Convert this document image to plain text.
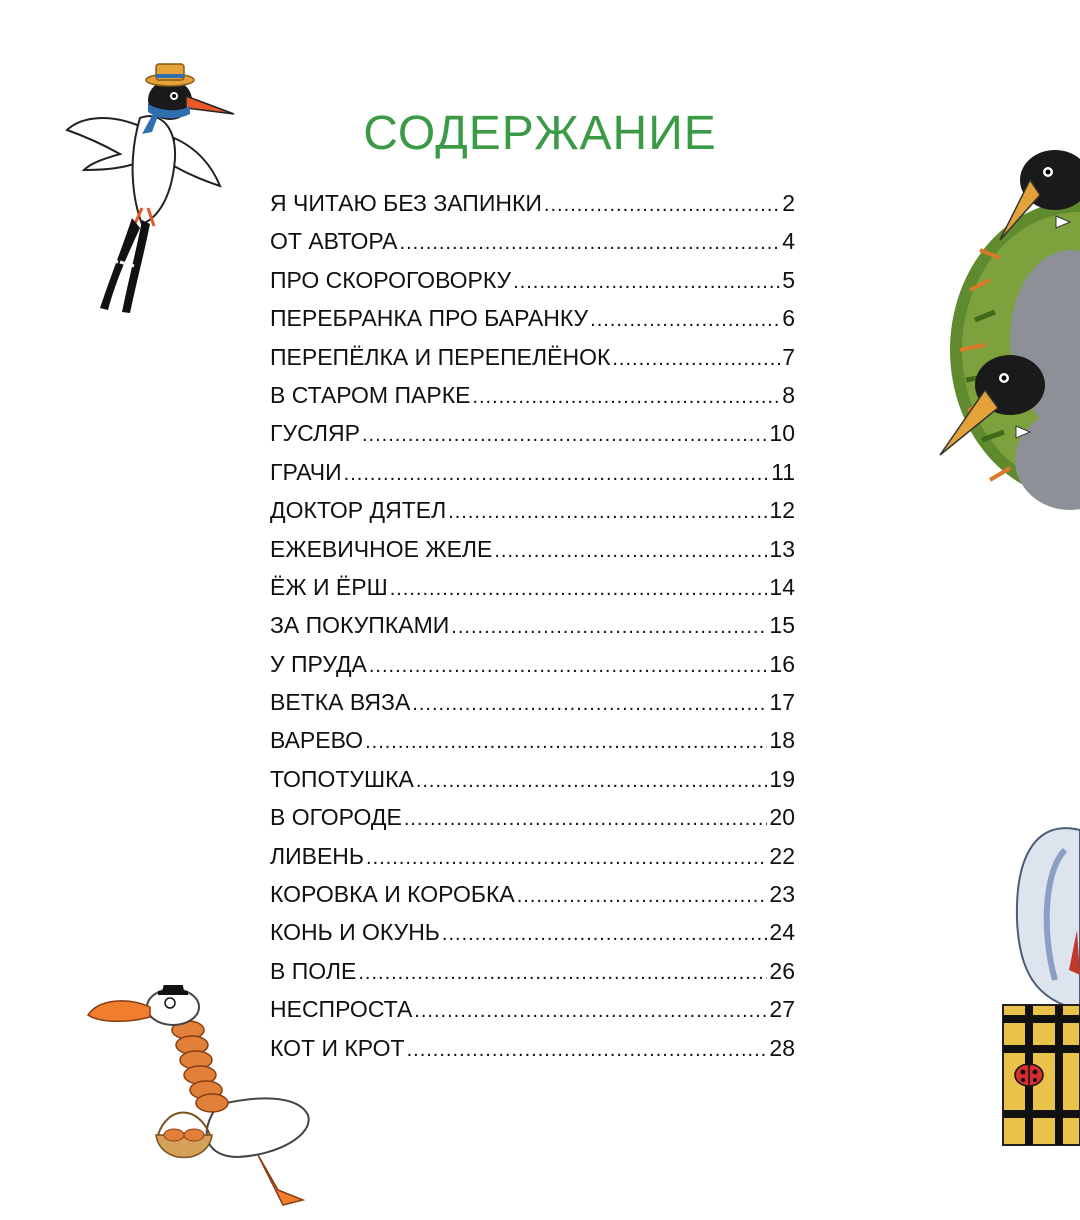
СОДЕРЖАНИЕ
Я ЧИТАЮ БЕЗ ЗАПИНКИ .....	2
ОТ АВТОРА .....	4
ПРО СКОРОГОВОРКУ .....	5
ПЕРЕБРАНКА ПРО БАРАНКУ .....	6
ПЕРЕПЁЛКА И ПЕРЕПЕЛЁНОК .....	7
В СТАРОМ ПАРКЕ .....	8
ГУСЛЯР .....	10
ГРАЧИ .....	11
ДОКТОР ДЯТЕЛ .....	12
ЕЖЕВИЧНОЕ ЖЕЛЕ .....	13
ЁЖ И ЁРШ .....	14
ЗА ПОКУПКАМИ .....	15
У ПРУДА .....	16
ВЕТКА ВЯЗА .....	17
ВАРЕВО .....	18
ТОПОТУШКА .....	19
В ОГОРОДЕ .....	20
ЛИВЕНЬ .....	22
КОРОВКА И КОРОБКА .....	23
КОНЬ И ОКУНЬ .....	24
В ПОЛЕ .....	26
НЕСПРОСТА .....	27
КОТ И КРОТ .....	28
